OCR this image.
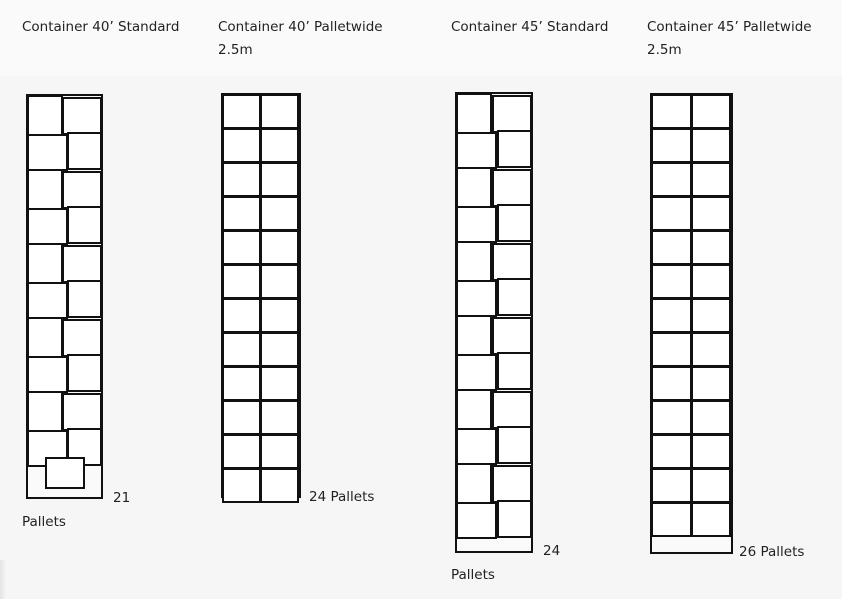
Container 40’ Standard
21
Pallets
Container 40’ Palletwide
2.5m
24 Pallets
Container 45’ Standard
24
Pallets
Container 45’ Palletwide
2.5m
26 Pallets
